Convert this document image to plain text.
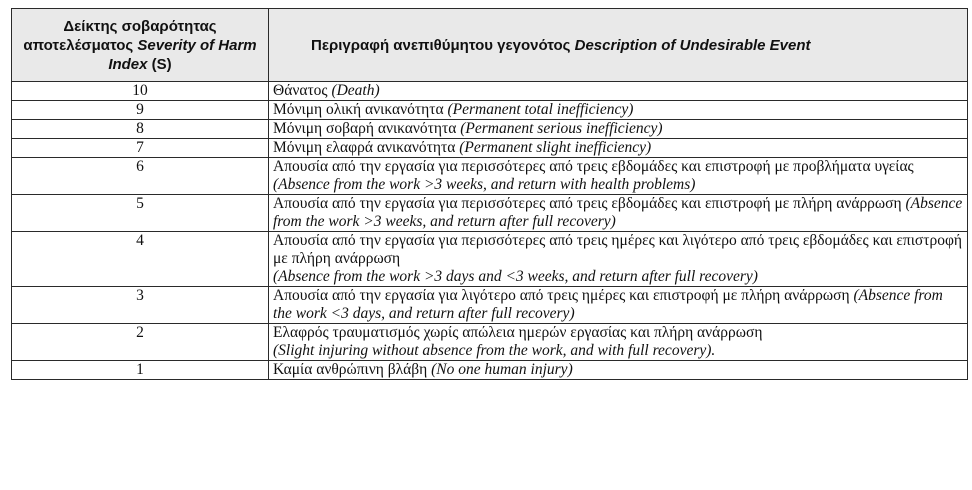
Δείκτης σοβαρότητας αποτελέσματος Severity of Harm Index (S)	Περιγραφή ανεπιθύμητου γεγονότος Description of Undesirable Event
10	Θάνατος (Death)
9	Μόνιμη ολική ανικανότητα (Permanent total inefficiency)
8	Μόνιμη σοβαρή ανικανότητα (Permanent serious inefficiency)
7	Μόνιμη ελαφρά ανικανότητα (Permanent slight inefficiency)
6	Απουσία από την εργασία για περισσότερες από τρεις εβδομάδες και επιστροφή με προβλήματα υγείας (Absence from the work >3 weeks, and return with health problems)
5	Απουσία από την εργασία για περισσότερες από τρεις εβδομάδες και επιστροφή με πλήρη ανάρρωση (Absence from the work >3 weeks, and return after full recovery)
4	Απουσία από την εργασία για περισσότερες από τρεις ημέρες και λιγότερο από τρεις εβδομάδες και επιστροφή με πλήρη ανάρρωση
(Absence from the work >3 days and <3 weeks, and return after full recovery)

3	Απουσία από την εργασία για λιγότερο από τρεις ημέρες και επιστροφή με πλήρη ανάρρωση (Absence from the work <3 days, and return after full recovery)
2	Ελαφρός τραυματισμός χωρίς απώλεια ημερών εργασίας και πλήρη ανάρρωση
(Slight injuring without absence from the work, and with full recovery).

1	Καμία ανθρώπινη βλάβη (No one human injury)
